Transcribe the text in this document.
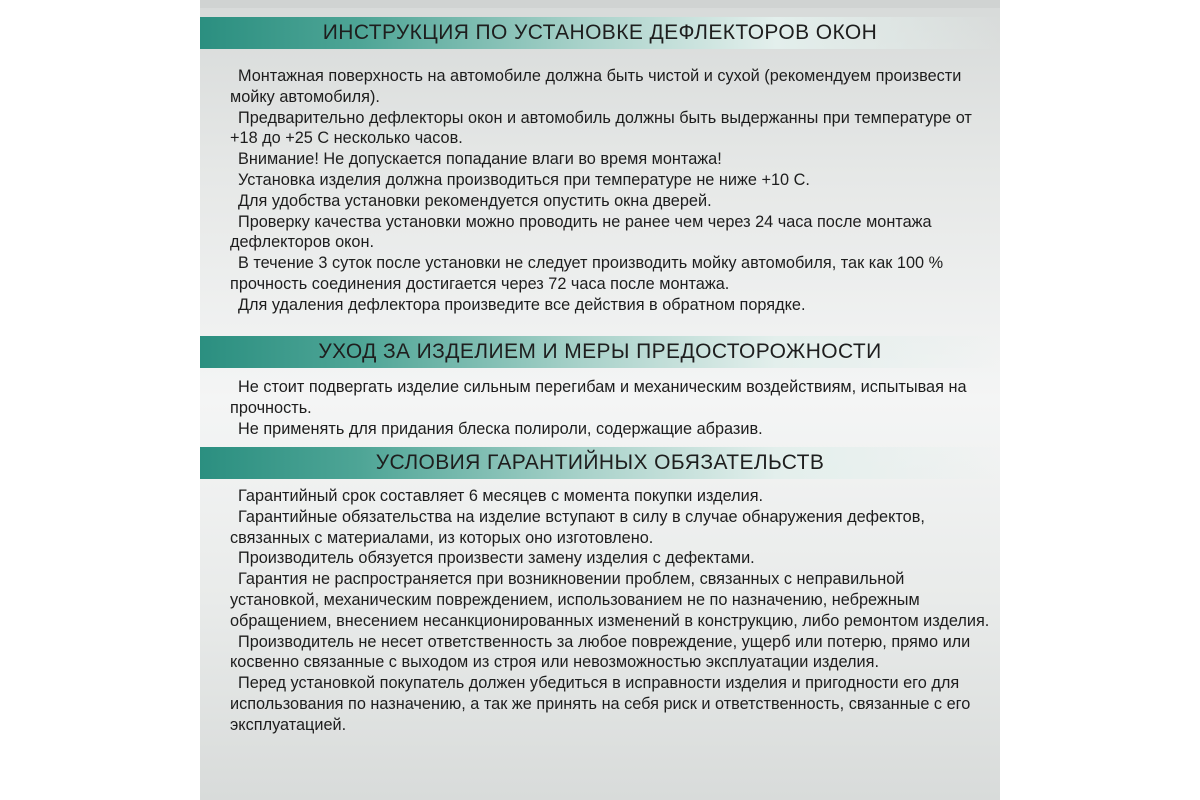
ИНСТРУКЦИЯ ПО УСТАНОВКЕ ДЕФЛЕКТОРОВ ОКОН

Монтажная поверхность на автомобиле должна быть чистой и сухой (рекомендуем произвести мойку автомобиля).

Предварительно дефлекторы окон и автомобиль должны быть выдержанны при температуре от +18 до +25 С несколько часов.

Внимание! Не допускается попадание влаги во время монтажа!

Установка изделия должна производиться при температуре не ниже +10 С.

Для удобства установки рекомендуется опустить окна дверей.

Проверку качества установки можно проводить не ранее чем через 24 часа после монтажа дефлекторов окон.

В течение 3 суток после установки не следует производить мойку автомобиля, так как 100 % прочность соединения достигается через 72 часа после монтажа.

Для удаления дефлектора произведите все действия в обратном порядке.

УХОД ЗА ИЗДЕЛИЕМ И МЕРЫ ПРЕДОСТОРОЖНОСТИ

Не стоит подвергать изделие сильным перегибам и механическим воздействиям, испытывая на прочность.

Не применять для придания блеска полироли, содержащие абразив.

УСЛОВИЯ ГАРАНТИЙНЫХ ОБЯЗАТЕЛЬСТВ

Гарантийный срок составляет 6 месяцев с момента покупки изделия.

Гарантийные обязательства на изделие вступают в силу в случае обнаружения дефектов, связанных с материалами, из которых оно изготовлено.

Производитель обязуется произвести замену изделия с дефектами.

Гарантия не распространяется при возникновении проблем, связанных с неправильной установкой, механическим повреждением, использованием не по назначению, небрежным обращением, внесением несанкционированных изменений в конструкцию, либо ремонтом изделия.

Производитель не несет ответственность за любое повреждение, ущерб или потерю, прямо или косвенно связанные с выходом из строя или невозможностью эксплуатации изделия.

Перед установкой покупатель должен убедиться в исправности изделия и пригодности его для использования по назначению, а так же принять на себя риск и ответственность, связанные с его эксплуатацией.
